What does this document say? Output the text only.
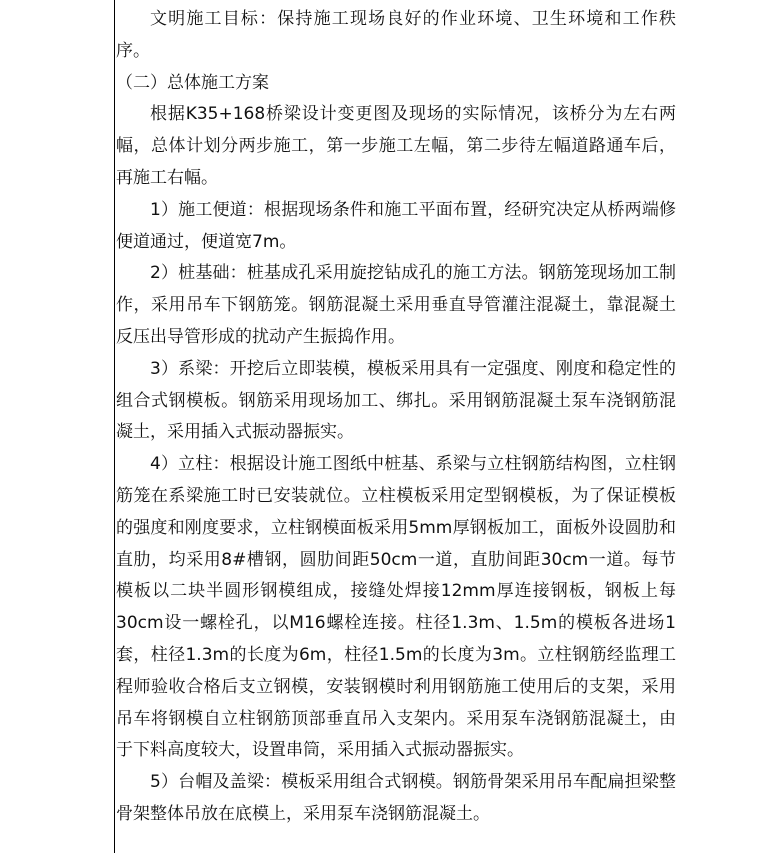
文明施工目标：保持施工现场良好的作业环境、卫生环境和工作秩序。

（二）总体施工方案

根据K35+168桥梁设计变更图及现场的实际情况，该桥分为左右两幅，总体计划分两步施工，第一步施工左幅，第二步待左幅道路通车后，再施工右幅。

1）施工便道：根据现场条件和施工平面布置，经研究决定从桥两端修便道通过，便道宽7m。

2）桩基础：桩基成孔采用旋挖钻成孔的施工方法。钢筋笼现场加工制作，采用吊车下钢筋笼。钢筋混凝土采用垂直导管灌注混凝土，靠混凝土反压出导管形成的扰动产生振捣作用。

3）系梁：开挖后立即装模，模板采用具有一定强度、刚度和稳定性的组合式钢模板。钢筋采用现场加工、绑扎。采用钢筋混凝土泵车浇钢筋混凝土，采用插入式振动器振实。

4）立柱：根据设计施工图纸中桩基、系梁与立柱钢筋结构图，立柱钢筋笼在系梁施工时已安装就位。立柱模板采用定型钢模板，为了保证模板的强度和刚度要求，立柱钢模面板采用5mm厚钢板加工，面板外设圆肋和直肋，均采用8#槽钢，圆肋间距50cm一道，直肋间距30cm一道。每节模板以二块半圆形钢模组成，接缝处焊接12mm厚连接钢板，钢板上每30cm设一螺栓孔，以M16螺栓连接。柱径1.3m、1.5m的模板各进场1套，柱径1.3m的长度为6m，柱径1.5m的长度为3m。立柱钢筋经监理工程师验收合格后支立钢模，安装钢模时利用钢筋施工使用后的支架，采用吊车将钢模自立柱钢筋顶部垂直吊入支架内。采用泵车浇钢筋混凝土，由于下料高度较大，设置串筒，采用插入式振动器振实。

5）台帽及盖梁：模板采用组合式钢模。钢筋骨架采用吊车配扁担梁整骨架整体吊放在底模上，采用泵车浇钢筋混凝土。
